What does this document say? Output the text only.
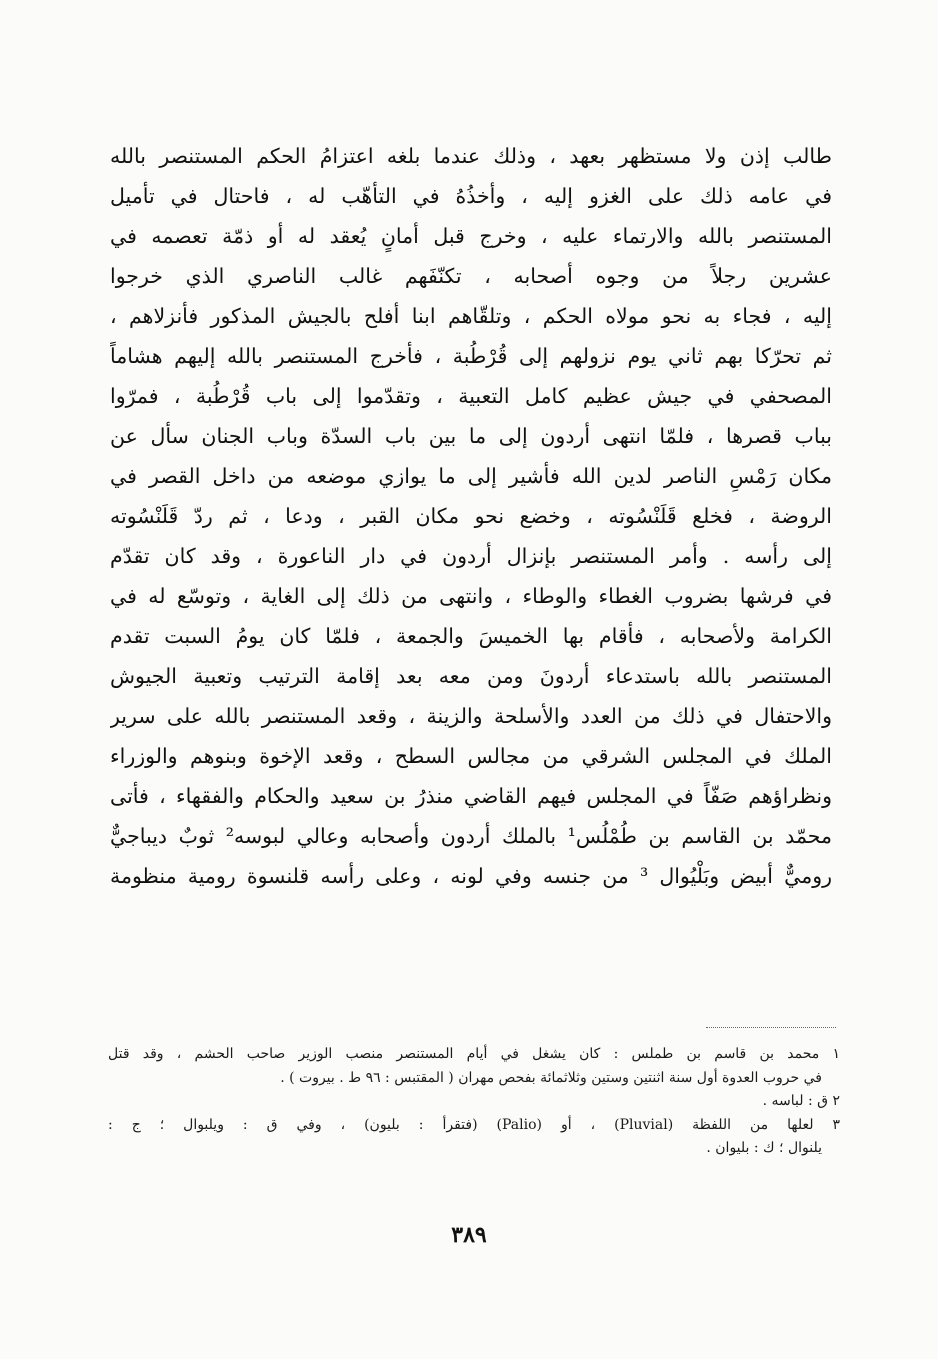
طالب إذن ولا مستظهر بعهد ، وذلك عندما بلغه اعتزامُ الحكم المستنصر بالله
في عامه ذلك على الغزو إليه ، وأخذُهُ في التأهّب له ، فاحتال في تأميل
المستنصر بالله والارتماء عليه ، وخرج قبل أمانٍ يُعقد له أو ذمّة تعصمه في
عشرين رجلاً من وجوه أصحابه ، تكنّفَهم غالب الناصري الذي خرجوا
إليه ، فجاء به نحو مولاه الحكم ، وتلقّاهم ابنا أفلح بالجيش المذكور فأنزلاهم ،
ثم تحرّكا بهم ثاني يوم نزولهم إلى قُرْطُبة ، فأخرج المستنصر بالله إليهم هشاماً
المصحفي في جيش عظيم كامل التعبية ، وتقدّموا إلى باب قُرْطُبة ، فمرّوا
بباب قصرها ، فلمّا انتهى أردون إلى ما بين باب السدّة وباب الجنان سأل عن
مكان رَمْسِ الناصر لدين الله فأشير إلى ما يوازي موضعه من داخل القصر في
الروضة ، فخلع قَلَنْسُوته ، وخضع نحو مكان القبر ، ودعا ، ثم ردّ قَلَنْسُوته
إلى رأسه . وأمر المستنصر بإنزال أردون في دار الناعورة ، وقد كان تقدّم
في فرشها بضروب الغطاء والوطاء ، وانتهى من ذلك إلى الغاية ، وتوسّع له في
الكرامة ولأصحابه ، فأقام بها الخميسَ والجمعة ، فلمّا كان يومُ السبت تقدم
المستنصر بالله باستدعاء أردونَ ومن معه بعد إقامة الترتيب وتعبية الجيوش
والاحتفال في ذلك من العدد والأسلحة والزينة ، وقعد المستنصر بالله على سرير
الملك في المجلس الشرقي من مجالس السطح ، وقعد الإخوة وبنوهم والوزراء
ونظراؤهم صَفّاً في المجلس فيهم القاضي منذرُ بن سعيد والحكام والفقهاء ، فأتى
محمّد بن القاسم بن طُمْلُس¹ بالملك أردون وأصحابه وعالي لبوسه² ثوبٌ ديباجيٌّ
روميٌّ أبيض وبَلْيُوال ³ من جنسه وفي لونه ، وعلى رأسه قلنسوة رومية منظومة
١ محمد بن قاسم بن طملس : كان يشغل في أيام المستنصر منصب الوزير صاحب الحشم ، وقد قتل
في حروب العدوة أول سنة اثنتين وستين وثلاثمائة بفحص مهران ( المقتبس : ٩٦ ط . بيروت ) .
٢ ق : لباسه .
٣ لعلها من اللفظة (Pluvial) ، أو (Palio) (فتقرأ : بليون) ، وفي ق : ويلبوال ؛ ج :
يلنوال ؛ ك : بليوان .
٣٨٩
